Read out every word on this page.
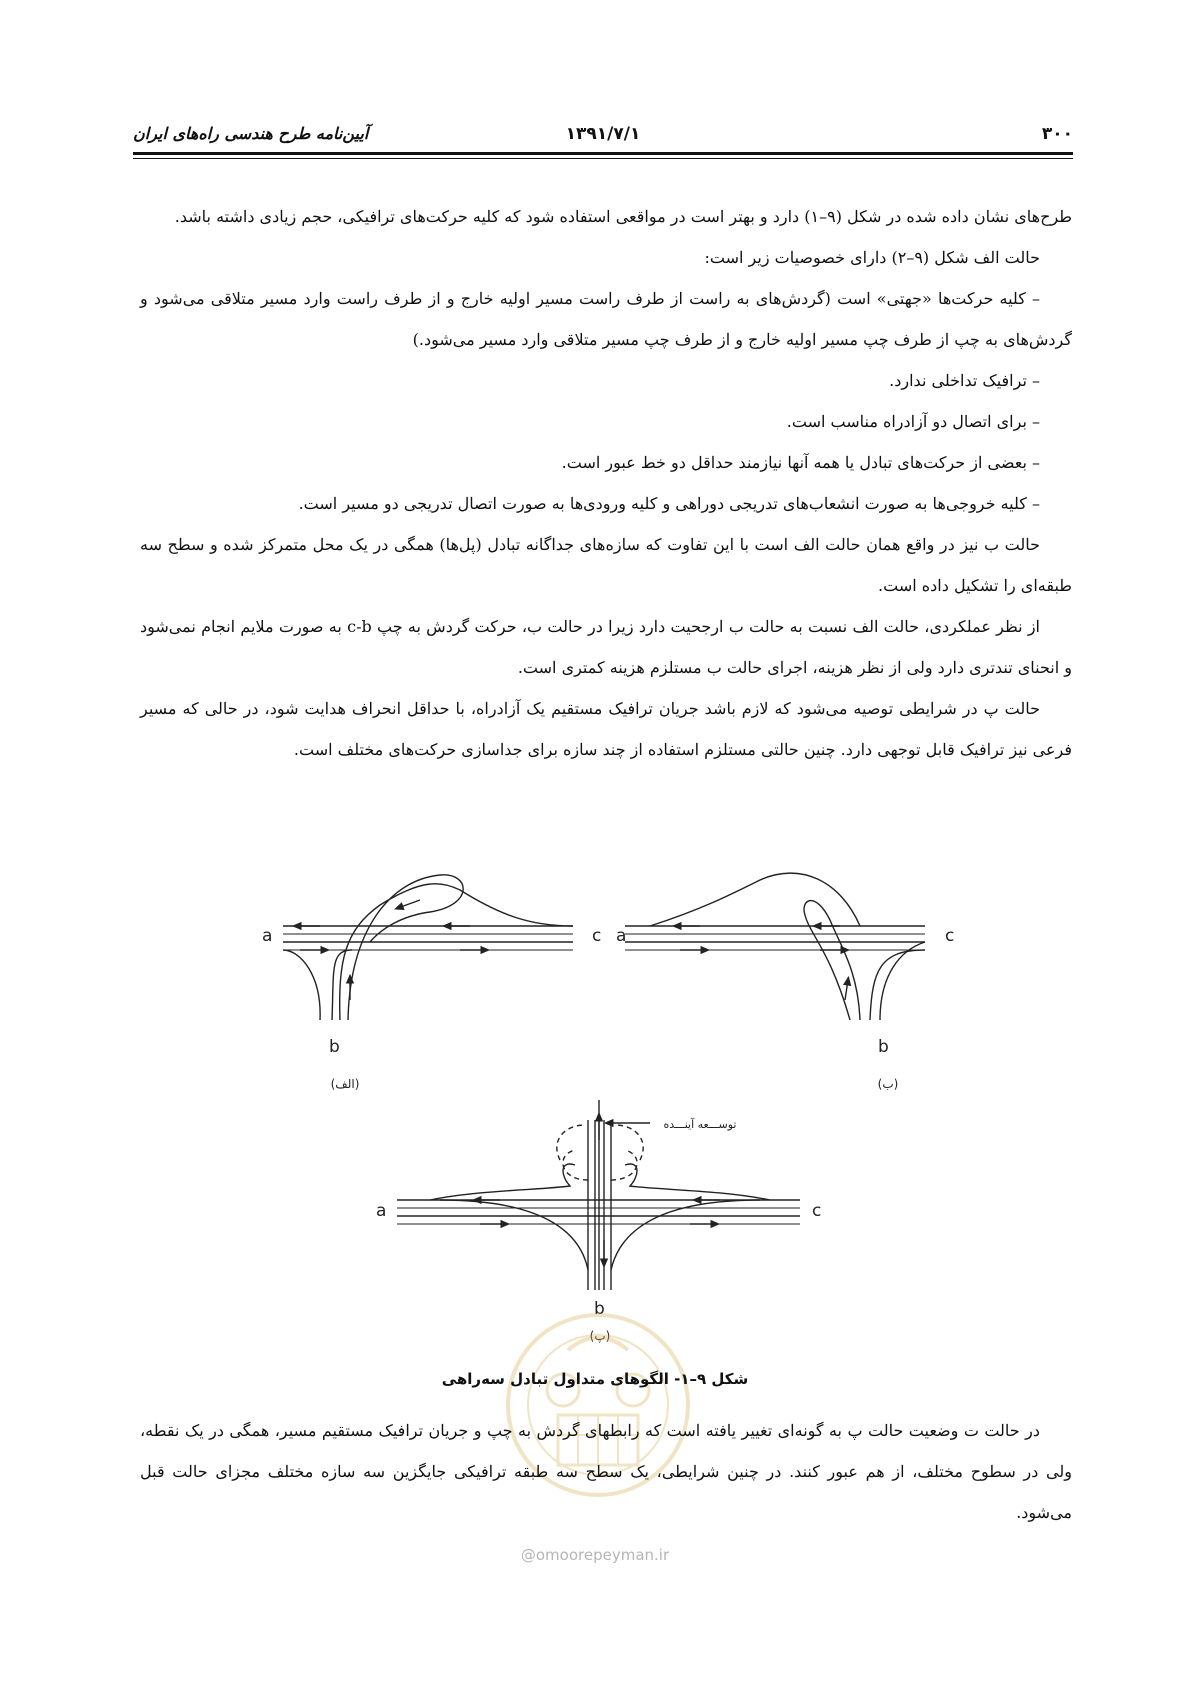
۳۰۰
۱۳۹۱/۷/۱
آیین‌نامه طرح هندسی راه‌های ایران

طرح‌های نشان داده شده در شکل (۹–۱) دارد و بهتر است در مواقعی استفاده شود که کلیه حرکت‌های ترافیکی، حجم زیادی داشته باشد.

حالت الف شکل (۹–۲) دارای خصوصیات زیر است:

– کلیه حرکت‌ها «جهتی» است (گردش‌های به راست از طرف راست مسیر اولیه خارج و از طرف راست وارد مسیر متلاقی می‌شود و گردش‌های به چپ از طرف چپ مسیر اولیه خارج و از طرف چپ مسیر متلاقی وارد مسیر می‌شود.)

– ترافیک تداخلی ندارد.

– برای اتصال دو آزادراه مناسب است.

– بعضی از حرکت‌های تبادل یا همه آنها نیازمند حداقل دو خط عبور است.

– کلیه خروجی‌ها به صورت انشعاب‌های تدریجی دوراهی و کلیه ورودی‌ها به صورت اتصال تدریجی دو مسیر است.

حالت ب نیز در واقع همان حالت الف است با این تفاوت که سازه‌های جداگانه تبادل (پل‌ها) همگی در یک محل متمرکز شده و سطح سه طبقه‌ای را تشکیل داده است.

از نظر عملکردی، حالت الف نسبت به حالت ب ارجحیت دارد زیرا در حالت ب، حرکت گردش به چپ c-b به صورت ملایم انجام نمی‌شود و انحنای تندتری دارد ولی از نظر هزینه، اجرای حالت ب مستلزم هزینه کمتری است.

حالت پ در شرایطی توصیه می‌شود که لازم باشد جریان ترافیک مستقیم یک آزادراه، با حداقل انحراف هدایت شود، در حالی که مسیر فرعی نیز ترافیک قابل توجهی دارد. چنین حالتی مستلزم استفاده از چند سازه برای جداسازی حرکت‌های مختلف است.

a	c
b
(الف)
a	c
b
(ب)
a	c
b
(پ)
توســـعه آینـــده
شکل ۹–۱- الگوهای متداول تبادل سه‌راهی

در حالت ت وضعیت حالت پ به گونه‌ای تغییر یافته است که رابطهای گردش به چپ و جریان ترافیک مستقیم مسیر، همگی در یک نقطه، ولی در سطوح مختلف، از هم عبور کنند. در چنین شرایطی، یک سطح سه طبقه ترافیکی جایگزین سه سازه مختلف مجزای حالت قبل می‌شود.

@omoorepeyman.ir
